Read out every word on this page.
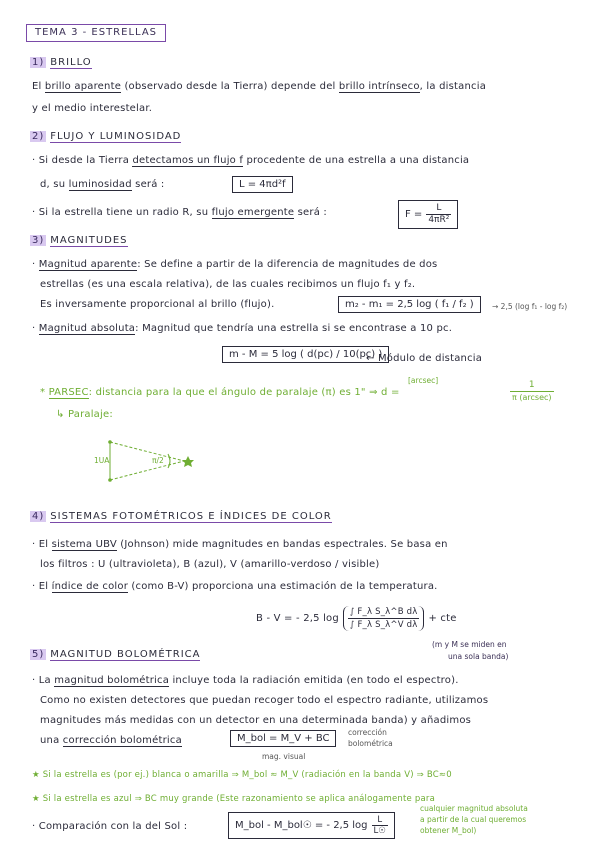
TEMA 3 - ESTRELLAS
1) BRILLO
El brillo aparente (observado desde la Tierra) depende del brillo intrínseco, la distancia
y el medio interestelar.
2) FLUJO Y LUMINOSIDAD
· Si desde la Tierra detectamos un flujo f procedente de una estrella a una distancia
d, su luminosidad será :	L = 4πd²f
· Si la estrella tiene un radio R, su flujo emergente será :	$F = \frac{L}{\text{4πR²}}$
3) MAGNITUDES
· Magnitud aparente: Se define a partir de la diferencia de magnitudes de dos
estrellas (es una escala relativa), de las cuales recibimos un flujo f₁ y f₂.
Es inversamente proporcional al brillo (flujo).	m₂ - m₁ = 2,5 log ( f₁ / f₂ )	→ 2,5 (log f₁ - log f₂)
· Magnitud absoluta: Magnitud que tendría una estrella si se encontrase a 10 pc.
m - M = 5 log ( d(pc) / 10(pc) )
← Módulo de distancia
[arcsec]
* PARSEC: distancia para la que el ángulo de paralaje (π) es 1" ⇒ d =
1
π (arcsec)
↳ Paralaje:
1UA	π/2
4) SISTEMAS FOTOMÉTRICOS E ÍNDICES DE COLOR
· El sistema UBV (Johnson) mide magnitudes en bandas espectrales. Se basa en
los filtros : U (ultravioleta), B (azul), V (amarillo-verdoso / visible)
· El índice de color (como B-V) proporciona una estimación de la temperatura.
B - V = - 2,5 $\log \frac{\text{∫ F\_λ S\_λ\textasciicircum{}B dλ}}{\text{∫ F\_λ S\_λ\textasciicircum{}V dλ}}$ + cte
(m y M se miden en
una sola banda)
5) MAGNITUD BOLOMÉTRICA
· La magnitud bolométrica incluye toda la radiación emitida (en todo el espectro).
Como no existen detectores que puedan recoger todo el espectro radiante, utilizamos
magnitudes más medidas con un detector en una determinada banda) y añadimos
una corrección bolométrica	M_bol = M_V + BC
corrección
bolométrica
mag. visual
★ Si la estrella es (por ej.) blanca o amarilla ⇒ M_bol ≈ M_V (radiación en la banda V) ⇒ BC≈0
★ Si la estrella es azul ⇒ BC muy grande (Este razonamiento se aplica análogamente para
cualquier magnitud absoluta
a partir de la cual queremos
obtener M_bol)
· Comparación con la del Sol :	M_bol - M_bol☉ = - 2,5 $\log \frac{L}{L☉}$
